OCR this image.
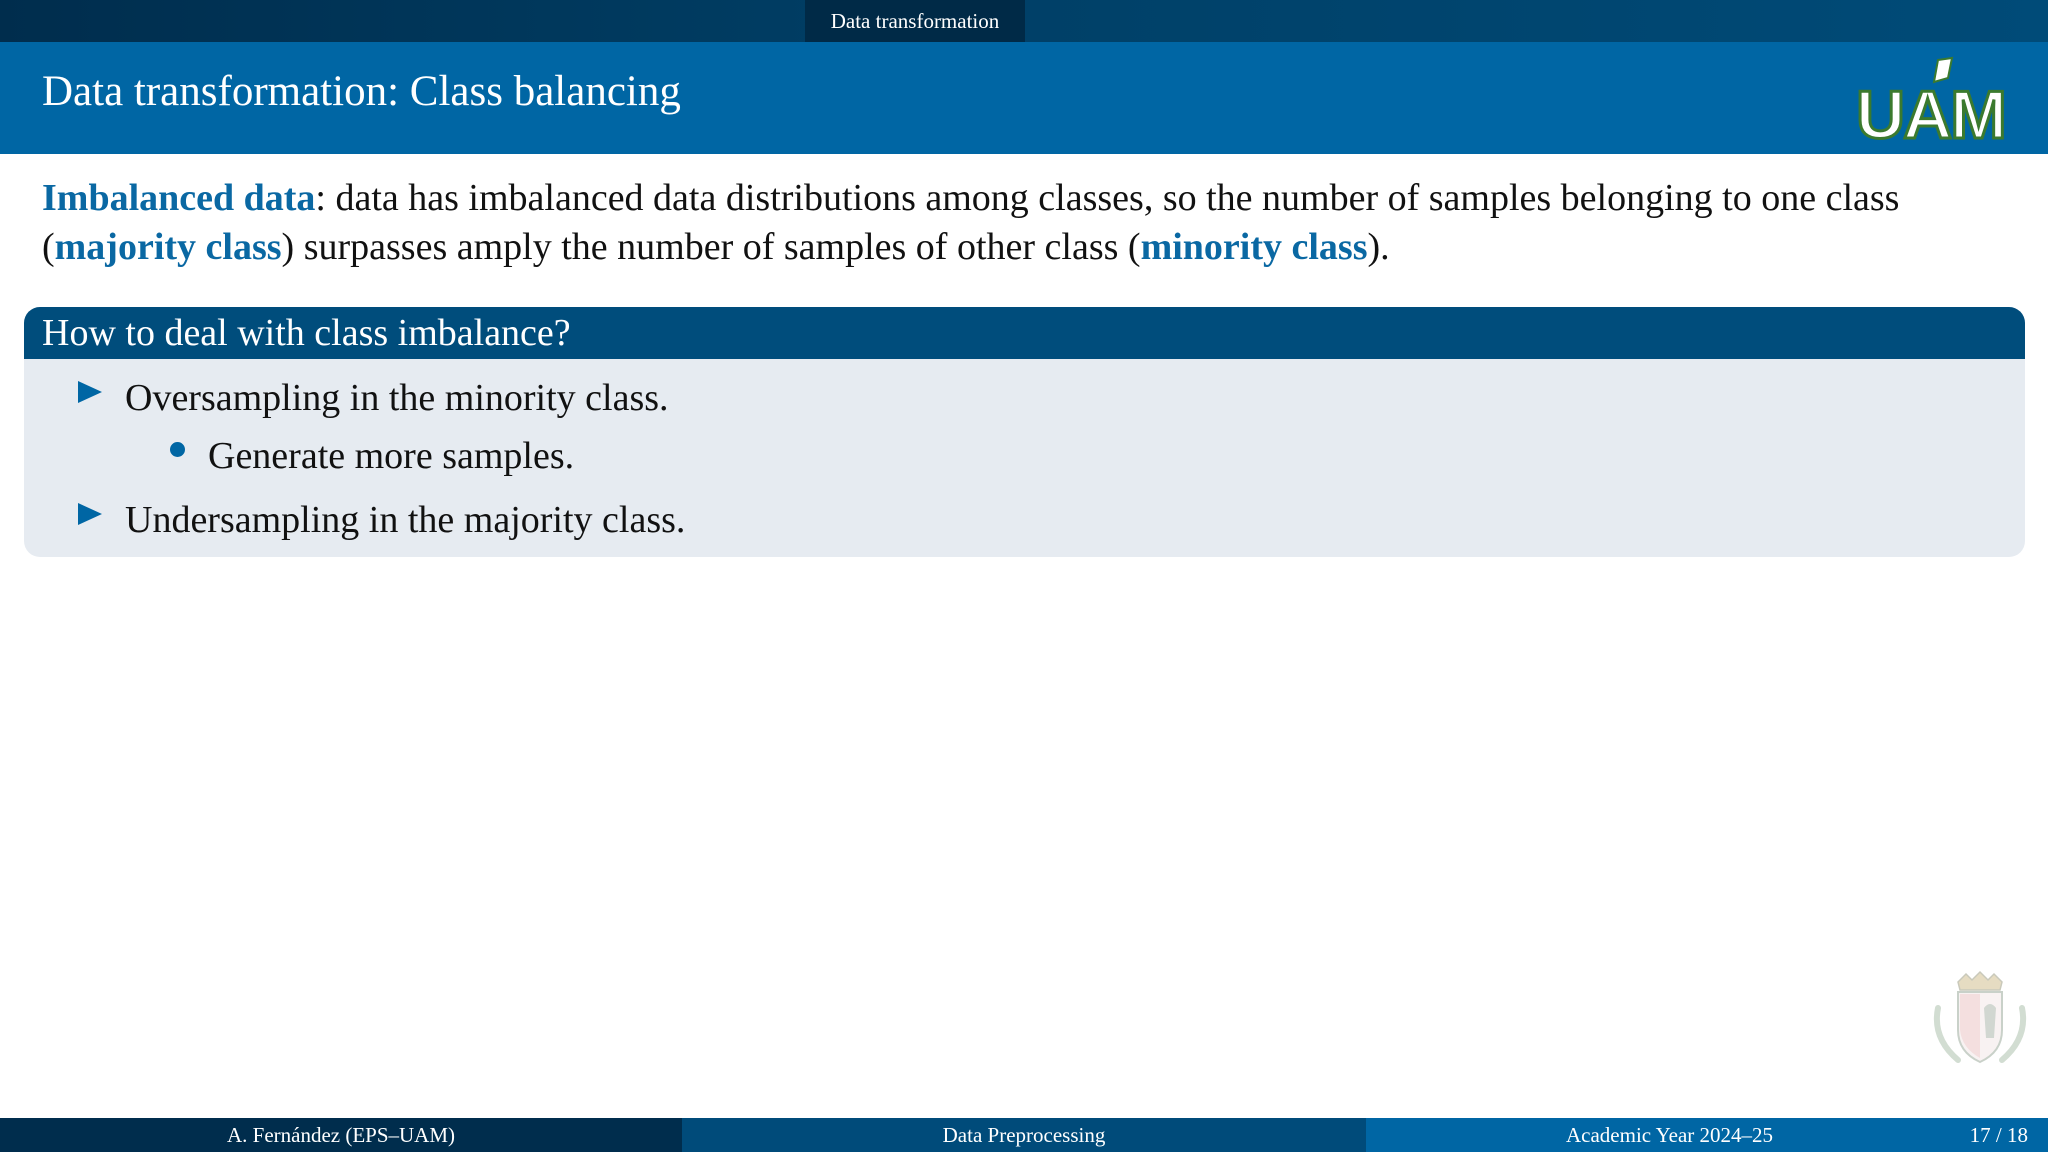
Data transformation
Data transformation: Class balancing	UAM
Imbalanced data: data has imbalanced data distributions among classes, so the number of samples belonging to one class (majority class) surpasses amply the number of samples of other class (minority class).
How to deal with class imbalance?
Oversampling in the minority class.
Generate more samples.
Undersampling in the majority class.
A. Fernández (EPS–UAM)	Data Preprocessing	Academic Year 2024–25	17 / 18
